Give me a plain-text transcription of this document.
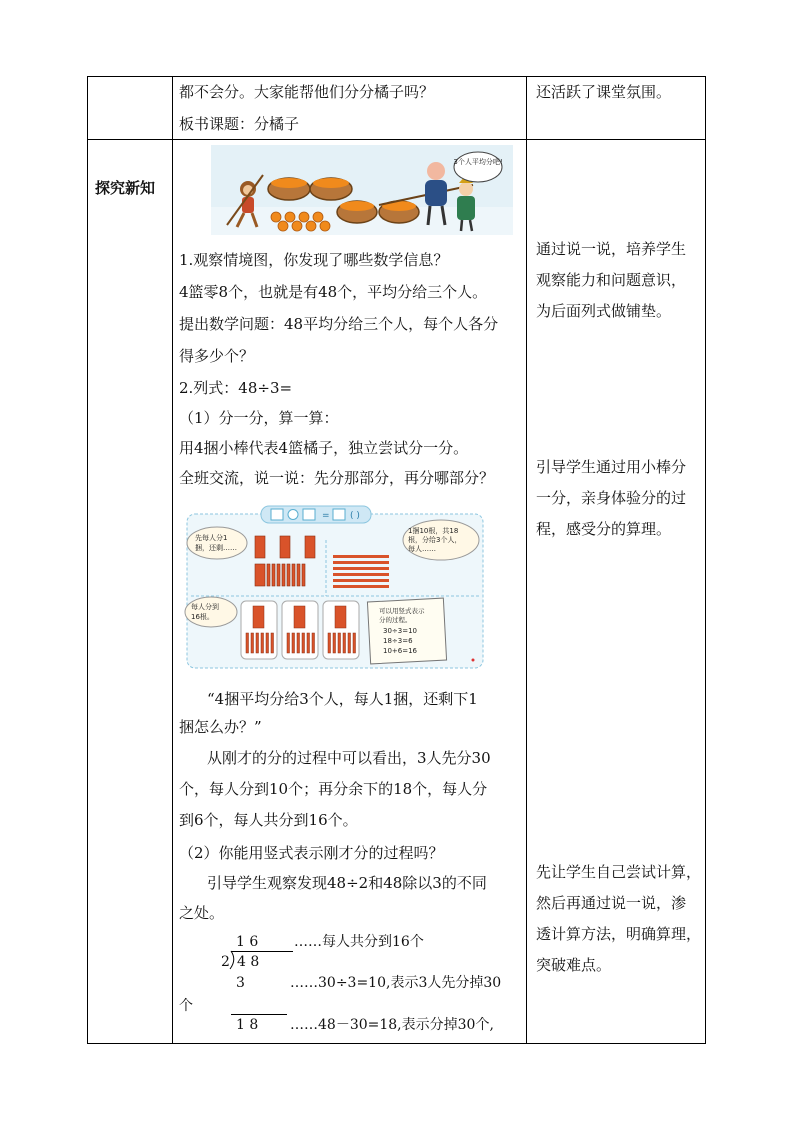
都不会分。大家能帮他们分分橘子吗？
板书课题：分橘子
还活跃了课堂氛围。
探究新知
3个人平均分吧!
1.观察情境图，你发现了哪些数学信息？
4篮零8个，也就是有48个，平均分给三个人。
提出数学问题：48平均分给三个人，每个人各分
得多少个？
2.列式：48÷3=
（1）分一分，算一算：
用4捆小棒代表4篮橘子，独立尝试分一分。
全班交流，说一说：先分那部分，再分哪部分？
= ( )
先每人分1
捆，还剩……
1捆10根，共18
根，分给3个人，
每人……
每人分到
16根。
可以用竖式表示
分的过程。
30÷3=10
18÷3=6
10+6=16
“4捆平均分给3个人，每人1捆，还剩下1
捆怎么办？”
从刚才的分的过程中可以看出，3人先分30
个，每人分到10个；再分余下的18个，每人分
到6个，每人共分到16个。
（2）你能用竖式表示刚才分的过程吗？
引导学生观察发现48÷2和48除以3的不同
之处。
1 6	……每人共分到16个
2 4 8
3	……30÷3=10,表示3人先分掉30
个
1 8 ……48－30=18,表示分掉30个,
通过说一说，培养学生
观察能力和问题意识，
为后面列式做铺垫。
引导学生通过用小棒分
一分，亲身体验分的过
程，感受分的算理。
先让学生自己尝试计算，
然后再通过说一说，渗
透计算方法，明确算理，
突破难点。
